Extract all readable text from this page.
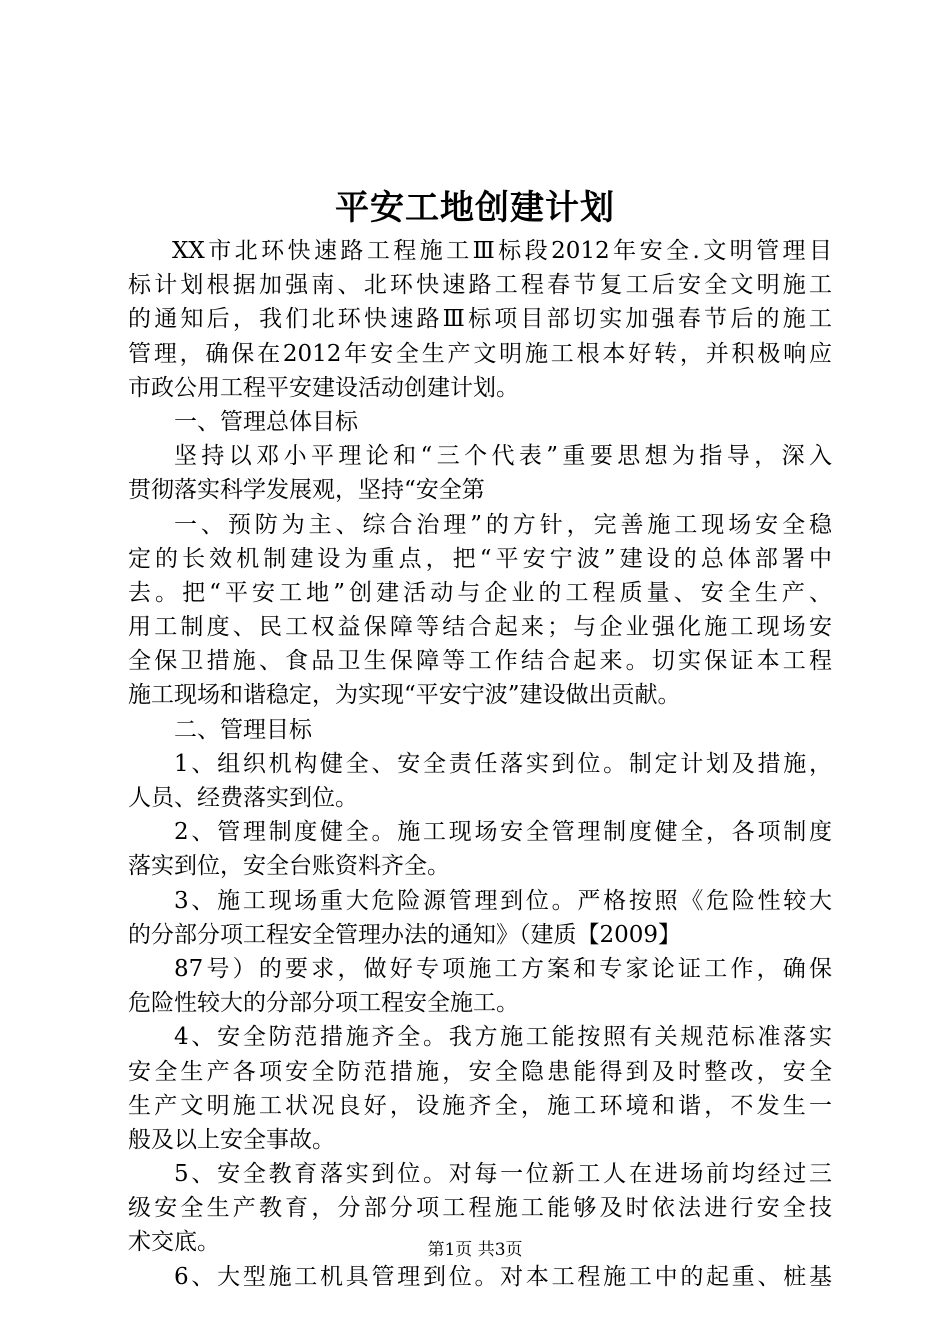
平安工地创建计划
XX市北环快速路工程施工Ⅲ标段2012年安全.文明管理目
标计划根据加强南、北环快速路工程春节复工后安全文明施工
的通知后，我们北环快速路Ⅲ标项目部切实加强春节后的施工
管理，确保在2012年安全生产文明施工根本好转，并积极响应
市政公用工程平安建设活动创建计划。
一、管理总体目标
坚持以邓小平理论和“三个代表”重要思想为指导，深入
贯彻落实科学发展观，坚持“安全第
一、预防为主、综合治理”的方针，完善施工现场安全稳
定的长效机制建设为重点，把“平安宁波”建设的总体部署中
去。把“平安工地”创建活动与企业的工程质量、安全生产、
用工制度、民工权益保障等结合起来；与企业强化施工现场安
全保卫措施、食品卫生保障等工作结合起来。切实保证本工程
施工现场和谐稳定，为实现“平安宁波”建设做出贡献。
二、管理目标
1、组织机构健全、安全责任落实到位。制定计划及措施，
人员、经费落实到位。
2、管理制度健全。施工现场安全管理制度健全，各项制度
落实到位，安全台账资料齐全。
3、施工现场重大危险源管理到位。严格按照《危险性较大
的分部分项工程安全管理办法的通知》（建质【2009】
87号）的要求，做好专项施工方案和专家论证工作，确保
危险性较大的分部分项工程安全施工。
4、安全防范措施齐全。我方施工能按照有关规范标准落实
安全生产各项安全防范措施，安全隐患能得到及时整改，安全
生产文明施工状况良好，设施齐全，施工环境和谐，不发生一
般及以上安全事故。
5、安全教育落实到位。对每一位新工人在进场前均经过三
级安全生产教育，分部分项工程施工能够及时依法进行安全技
术交底。
6、大型施工机具管理到位。对本工程施工中的起重、桩基
第1页 共3页
